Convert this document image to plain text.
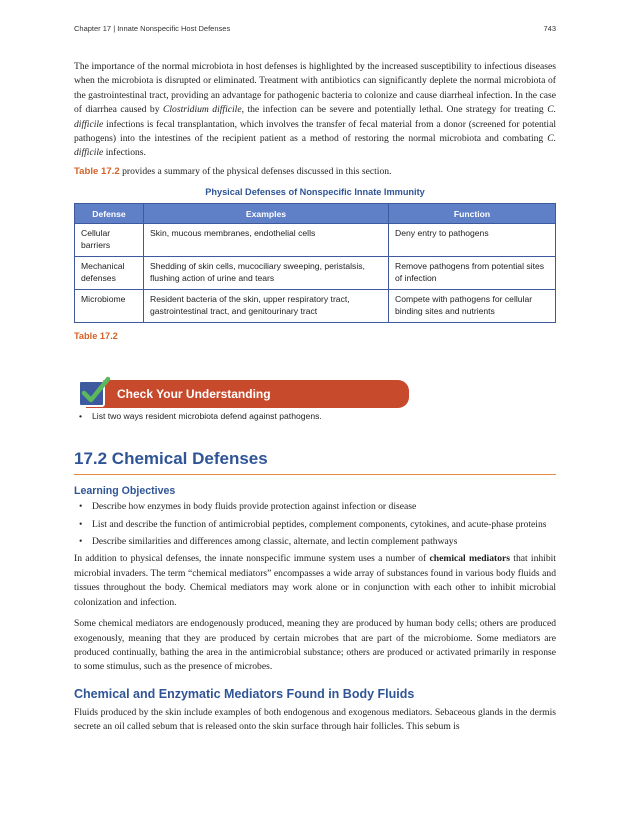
Chapter 17 | Innate Nonspecific Host Defenses	743

The importance of the normal microbiota in host defenses is highlighted by the increased susceptibility to infectious diseases when the microbiota is disrupted or eliminated. Treatment with antibiotics can significantly deplete the normal microbiota of the gastrointestinal tract, providing an advantage for pathogenic bacteria to colonize and cause diarrheal infection. In the case of diarrhea caused by Clostridium difficile, the infection can be severe and potentially lethal. One strategy for treating C. difficile infections is fecal transplantation, which involves the transfer of fecal material from a donor (screened for potential pathogens) into the intestines of the recipient patient as a method of restoring the normal microbiota and combating C. difficile infections.

Table 17.2 provides a summary of the physical defenses discussed in this section.

Physical Defenses of Nonspecific Innate Immunity
Defense	Examples	Function
Cellular barriers	Skin, mucous membranes, endothelial cells	Deny entry to pathogens
Mechanical defenses	Shedding of skin cells, mucociliary sweeping, peristalsis, flushing action of urine and tears	Remove pathogens from potential sites of infection
Microbiome	Resident bacteria of the skin, upper respiratory tract, gastrointestinal tract, and genitourinary tract	Compete with pathogens for cellular binding sites and nutrients
Table 17.2
Check Your Understanding
• List two ways resident microbiota defend against pathogens.
17.2 Chemical Defenses
Learning Objectives
• Describe how enzymes in body fluids provide protection against infection or disease
• List and describe the function of antimicrobial peptides, complement components, cytokines, and acute-phase proteins
• Describe similarities and differences among classic, alternate, and lectin complement pathways

In addition to physical defenses, the innate nonspecific immune system uses a number of chemical mediators that inhibit microbial invaders. The term “chemical mediators” encompasses a wide array of substances found in various body fluids and tissues throughout the body. Chemical mediators may work alone or in conjunction with each other to inhibit microbial colonization and infection.

Some chemical mediators are endogenously produced, meaning they are produced by human body cells; others are produced exogenously, meaning that they are produced by certain microbes that are part of the microbiome. Some mediators are produced continually, bathing the area in the antimicrobial substance; others are produced or activated primarily in response to some stimulus, such as the presence of microbes.

Chemical and Enzymatic Mediators Found in Body Fluids

Fluids produced by the skin include examples of both endogenous and exogenous mediators. Sebaceous glands in the dermis secrete an oil called sebum that is released onto the skin surface through hair follicles. This sebum is
